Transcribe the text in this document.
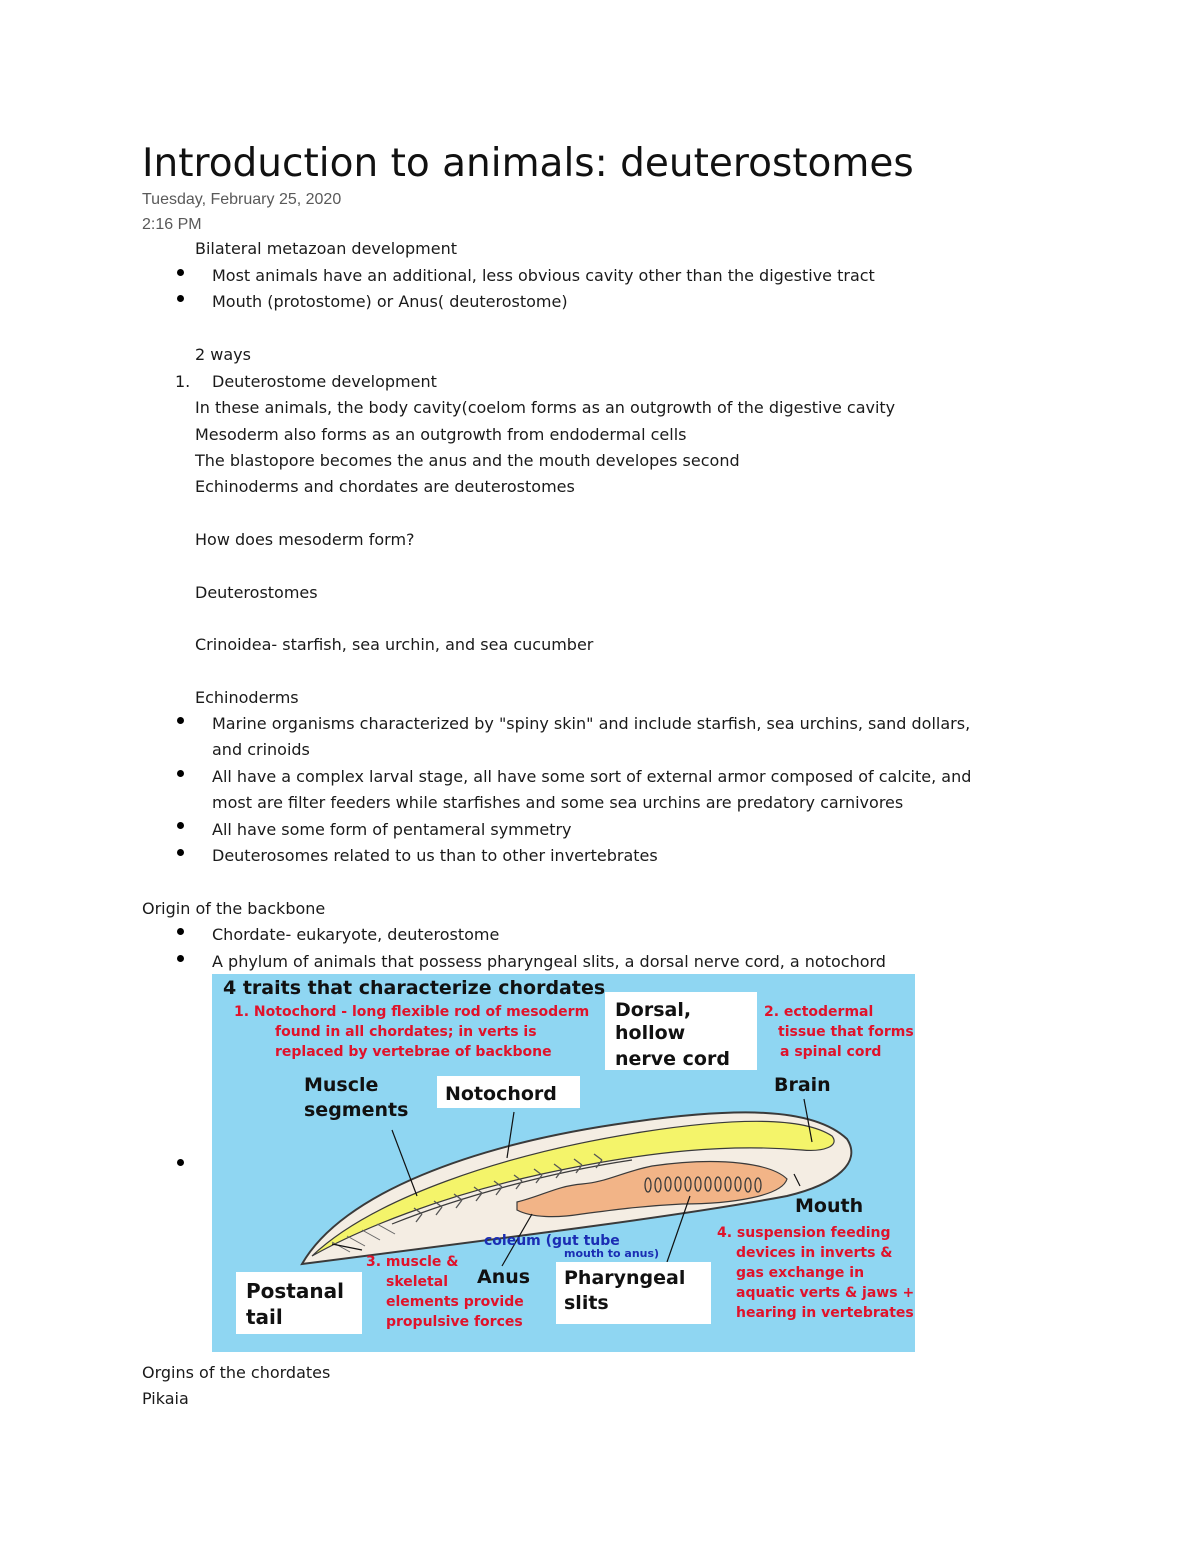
Introduction to animals: deuterostomes
Tuesday, February 25, 2020
2:16 PM
Bilateral metazoan development
Most animals have an additional, less obvious cavity other than the digestive tract
Mouth (protostome) or Anus( deuterostome)
2 ways
1. Deuterostome development
In these animals, the body cavity(coelom forms as an outgrowth of the digestive cavity
Mesoderm also forms as an outgrowth from endodermal cells
The blastopore becomes the anus and the mouth developes second
Echinoderms and chordates are deuterostomes
How does mesoderm form?
Deuterostomes
Crinoidea- starfish, sea urchin, and sea cucumber
Echinoderms
Marine organisms characterized by "spiny skin" and include starfish, sea urchins, sand dollars,
and crinoids
All have a complex larval stage, all have some sort of external armor composed of calcite, and
most are filter feeders while starfishes and some sea urchins are predatory carnivores
All have some form of pentameral symmetry
Deuterosomes related to us than to other invertebrates
Origin of the backbone
Chordate- eukaryote, deuterostome
A phylum of animals that possess pharyngeal slits, a dorsal nerve cord, a notochord
4 traits that characterize chordates
1. Notochord - long flexible rod of mesoderm
found in all chordates; in verts is
replaced by vertebrae of backbone
Dorsal,
hollow
nerve cord
2. ectodermal
tissue that forms
a spinal cord
Muscle
segments
Notochord	Brain
Mouth
4. suspension feeding
devices in inverts &
gas exchange in
aquatic verts & jaws +
hearing in vertebrates
coleum (gut tube
mouth to anus)
3. muscle &
skeletal
elements provide
propulsive forces
Anus Pharyngeal
slits
Postanal
tail
Orgins of the chordates
Pikaia
